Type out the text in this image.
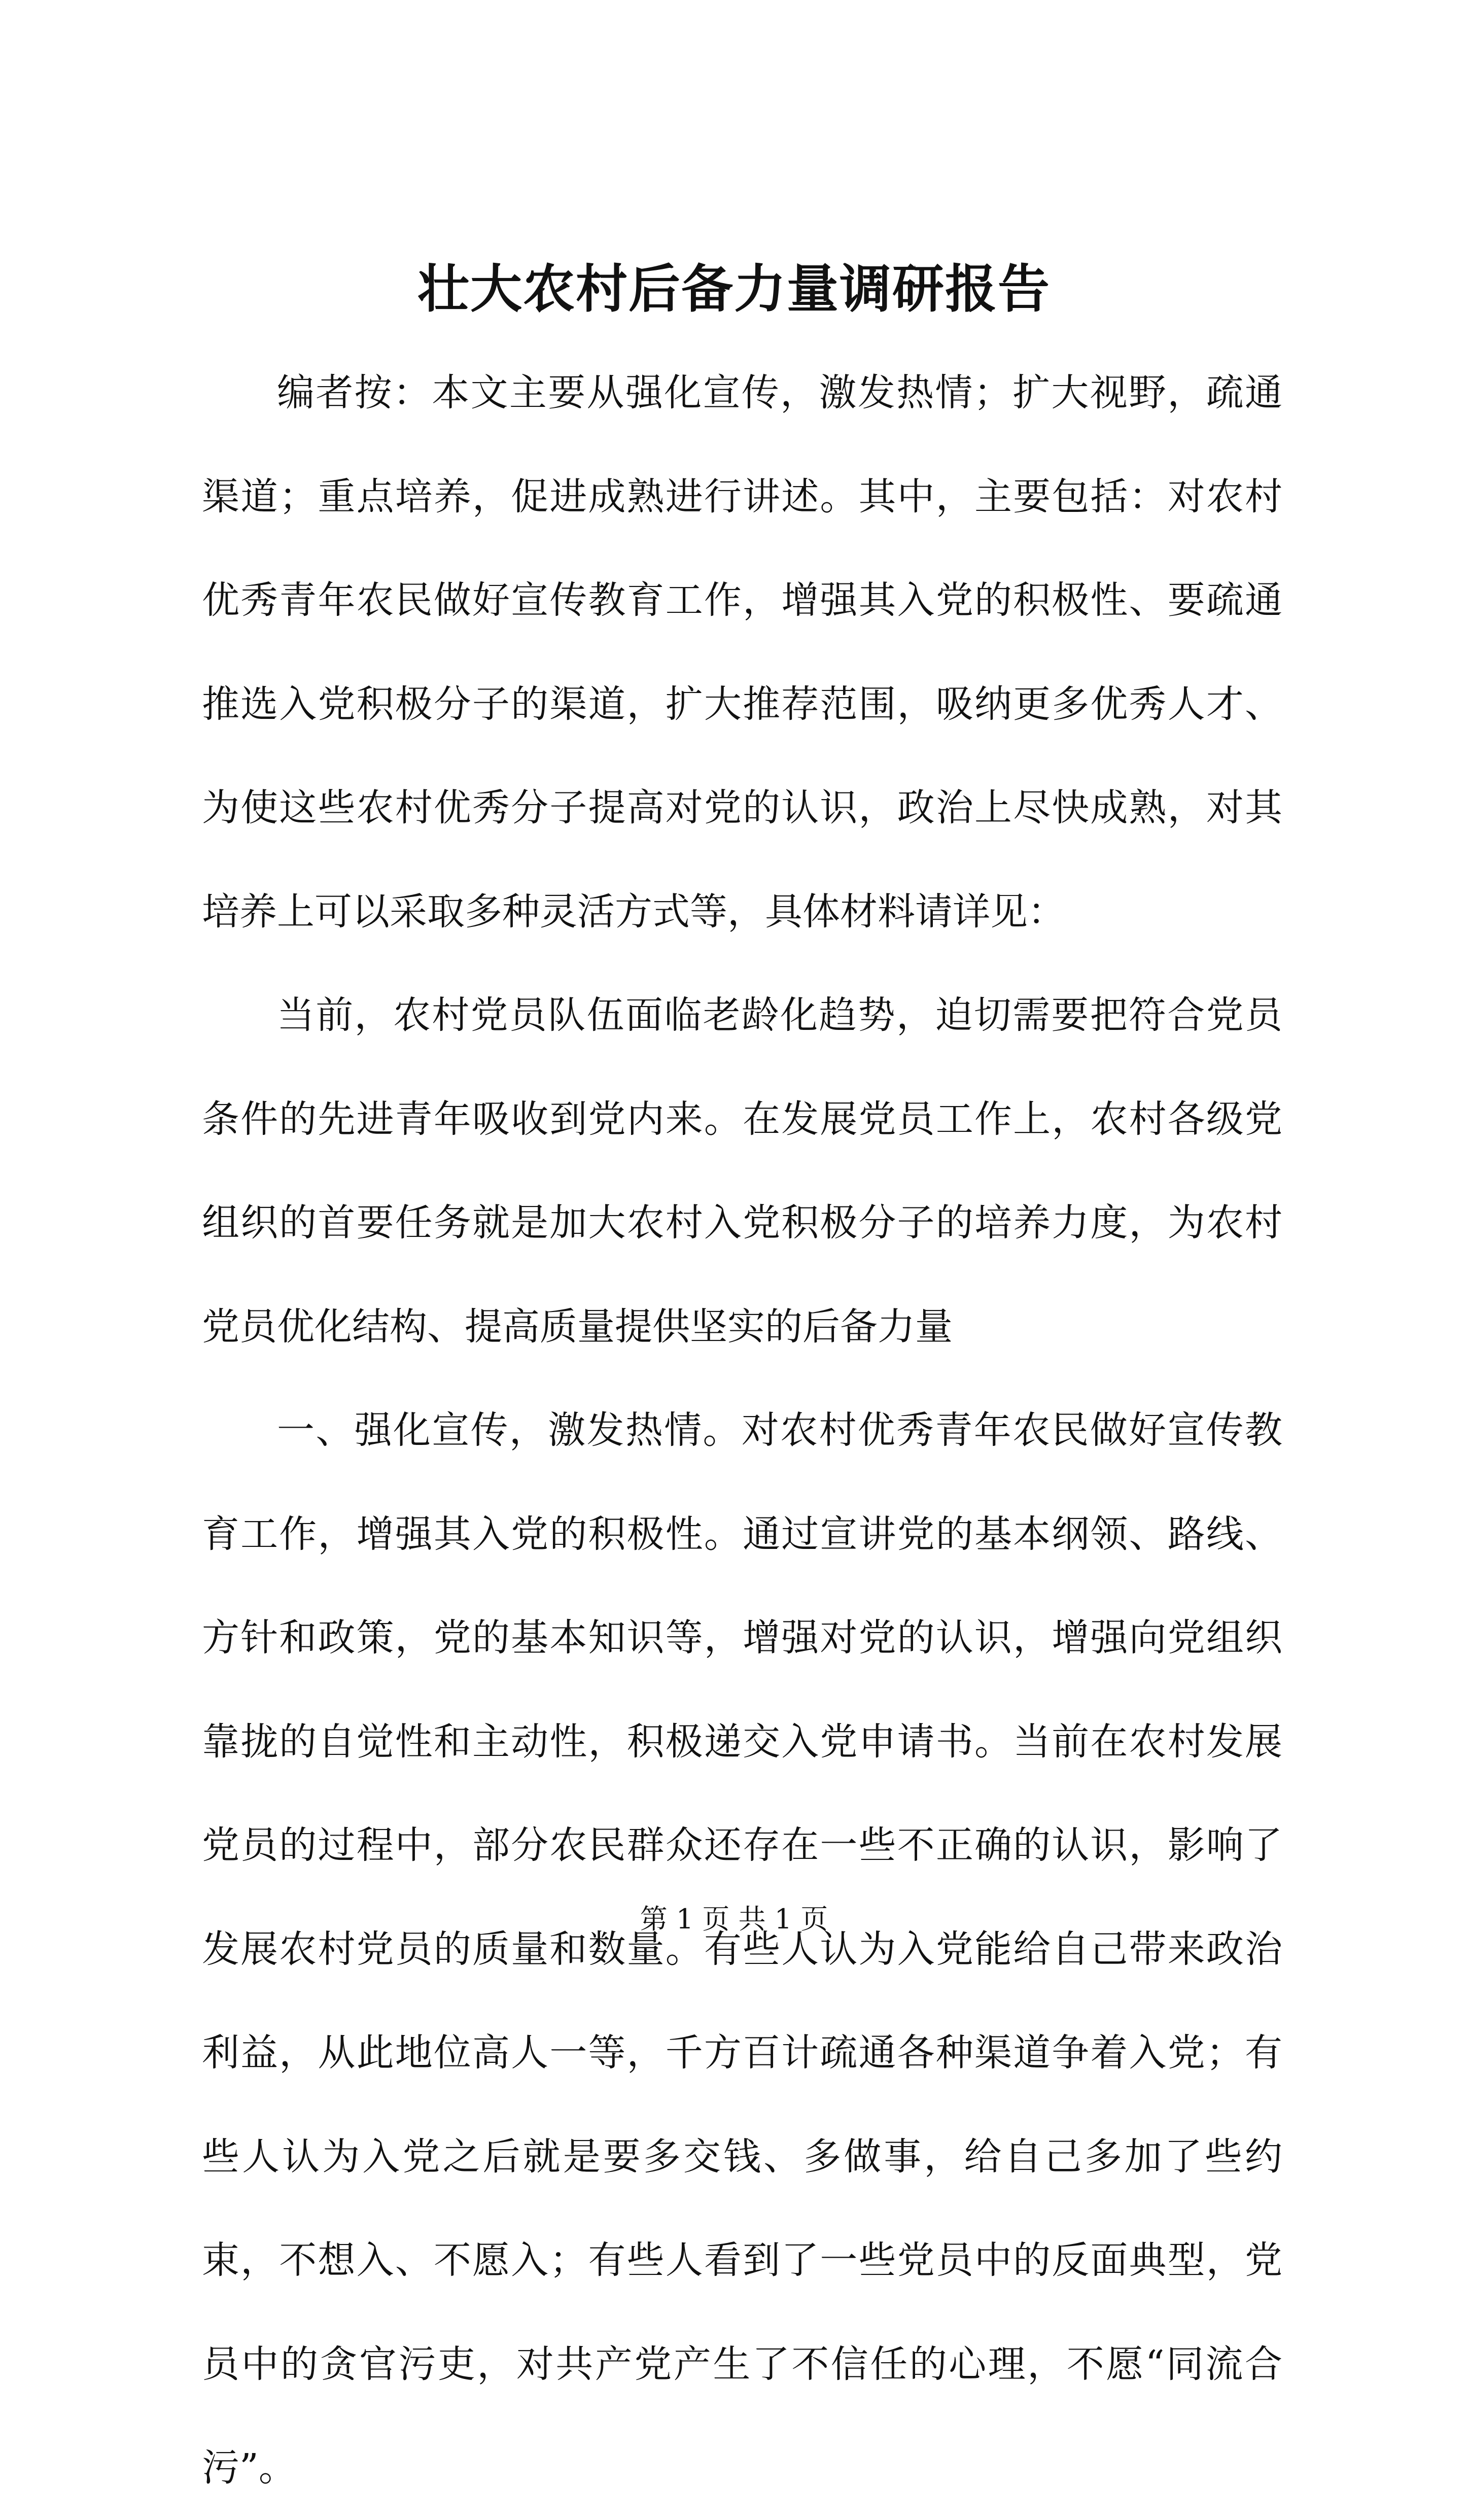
壮大农村后备力量调研报告

编者按：本文主要从强化宣传，激发热情；扩大视野，疏通渠道；重点培养，促进成熟进行讲述。其中，主要包括：对农村优秀青年农民做好宣传教育工作，增强其入党的积极性、要疏通推选入党积极分子的渠道，扩大推荐范围，吸纳更多优秀人才、为使这些农村优秀分子提高对党的认识，政治上尽快成熟，对其培养上可以采取多种灵活方式等，具体材料请详见：

当前，农村党员队伍面临老龄化趋势，迫切需要把符合党员条件的先进青年吸收到党内来。在发展党员工作上，农村各级党组织的首要任务就是加大农村入党积极分子的培养力度，为农村党员优化结构、提高质量提供坚实的后备力量

一、强化宣传，激发热情。对农村优秀青年农民做好宣传教育工作，增强其入党的积极性。通过宣讲党的基本纲领、路线、方针和政策，党的基本知识等，增强对党的认识，增强向党组织靠拢的自觉性和主动性，积极递交入党申请书。当前在农村发展党员的过程中，部分农民群众还存在一些不正确的认识，影响了发展农村党员的质量和数量。有些人认为入党能给自己带来政治利益，从此地位高人一等，千方百计疏通各种渠道争着入党；有些人认为入党之后就是要多交钱、多做事，给自己多加了些约束，不想入、不愿入；有些人看到了一些党员中的反面典型，党员中的贪官污吏，对共产党产生了不信任的心理，不愿“同流合污”。

第 1 页 共 1 页
